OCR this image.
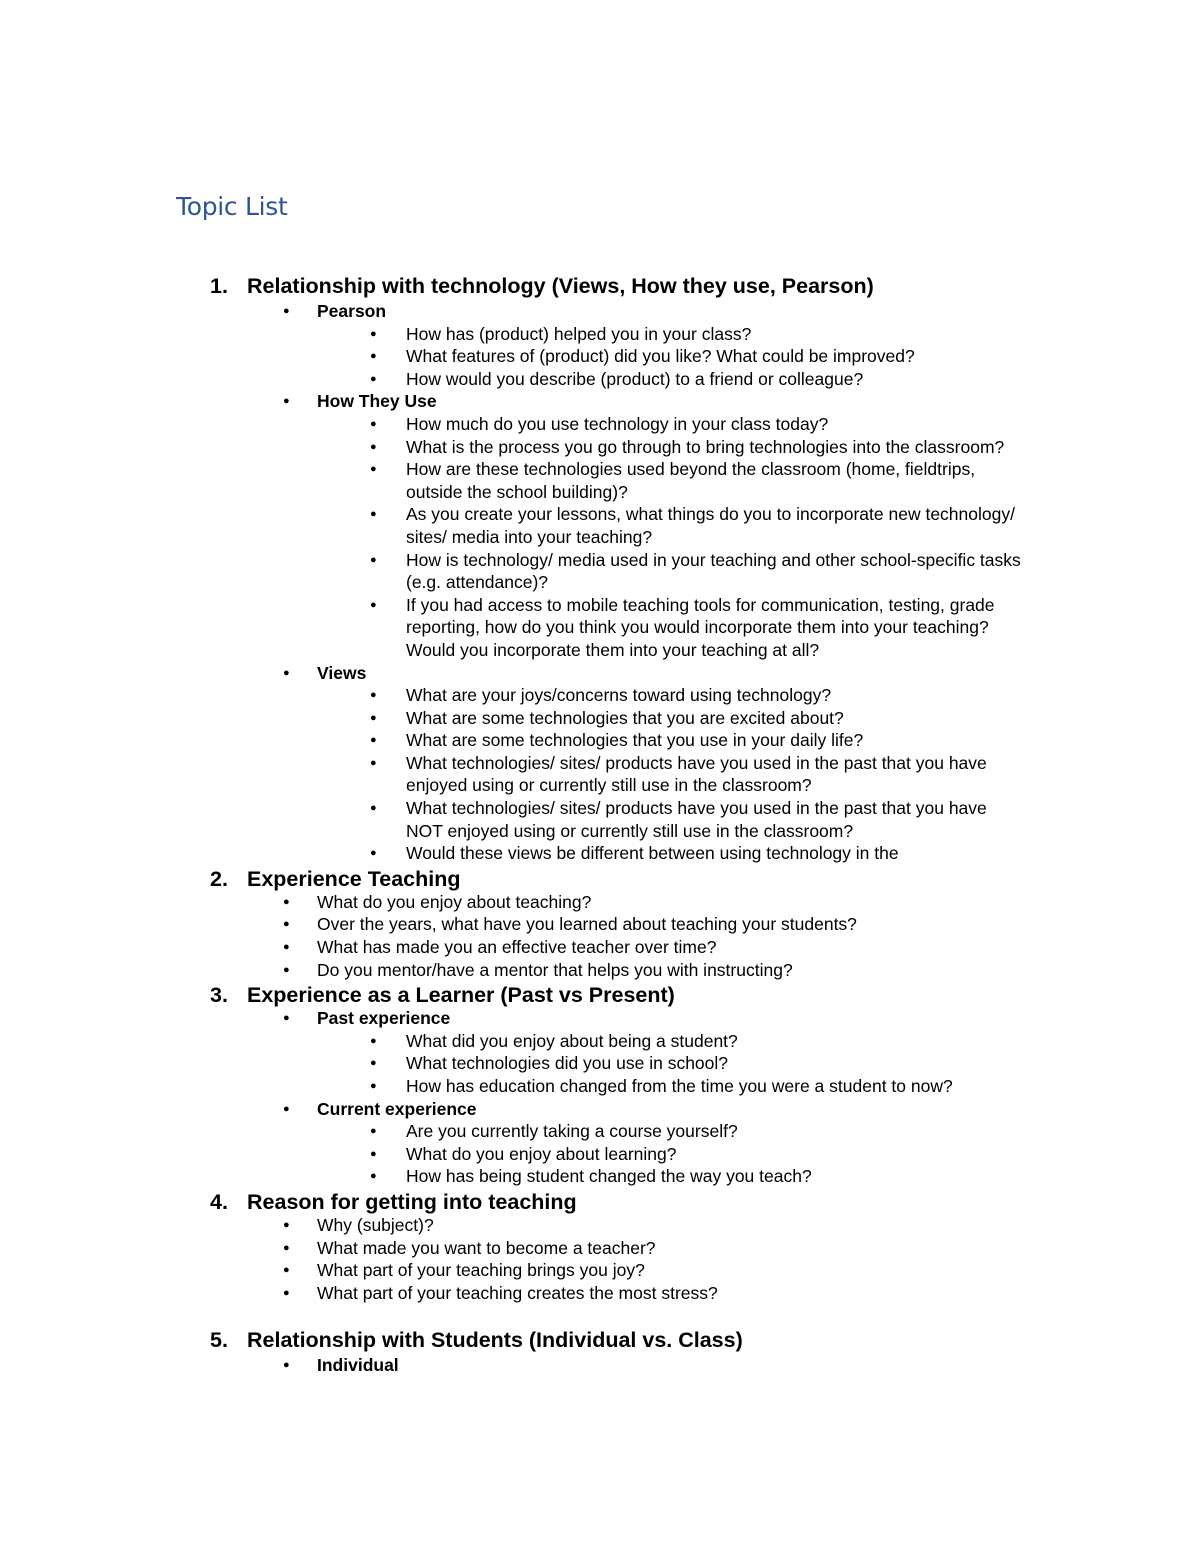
Topic List
1. Relationship with technology (Views, How they use, Pearson)
● Pearson
● How has (product) helped you in your class?
● What features of (product) did you like? What could be improved?
● How would you describe (product) to a friend or colleague?
● How They Use
● How much do you use technology in your class today?
● What is the process you go through to bring technologies into the classroom?
● How are these technologies used beyond the classroom (home, fieldtrips, outside the school building)?
● As you create your lessons, what things do you to incorporate new technology/ sites/ media into your teaching?
● How is technology/ media used in your teaching and other school-specific tasks (e.g. attendance)?
● If you had access to mobile teaching tools for communication, testing, grade reporting, how do you think you would incorporate them into your teaching? Would you incorporate them into your teaching at all?
● Views
● What are your joys/concerns toward using technology?
● What are some technologies that you are excited about?
● What are some technologies that you use in your daily life?
● What technologies/ sites/ products have you used in the past that you have enjoyed using or currently still use in the classroom?
● What technologies/ sites/ products have you used in the past that you have NOT enjoyed using or currently still use in the classroom?
● Would these views be different between using technology in the
2. Experience Teaching
● What do you enjoy about teaching?
● Over the years, what have you learned about teaching your students?
● What has made you an effective teacher over time?
● Do you mentor/have a mentor that helps you with instructing?
3. Experience as a Learner (Past vs Present)
● Past experience
● What did you enjoy about being a student?
● What technologies did you use in school?
● How has education changed from the time you were a student to now?
● Current experience
● Are you currently taking a course yourself?
● What do you enjoy about learning?
● How has being student changed the way you teach?
4. Reason for getting into teaching
● Why (subject)?
● What made you want to become a teacher?
● What part of your teaching brings you joy?
● What part of your teaching creates the most stress?
5. Relationship with Students (Individual vs. Class)
● Individual
